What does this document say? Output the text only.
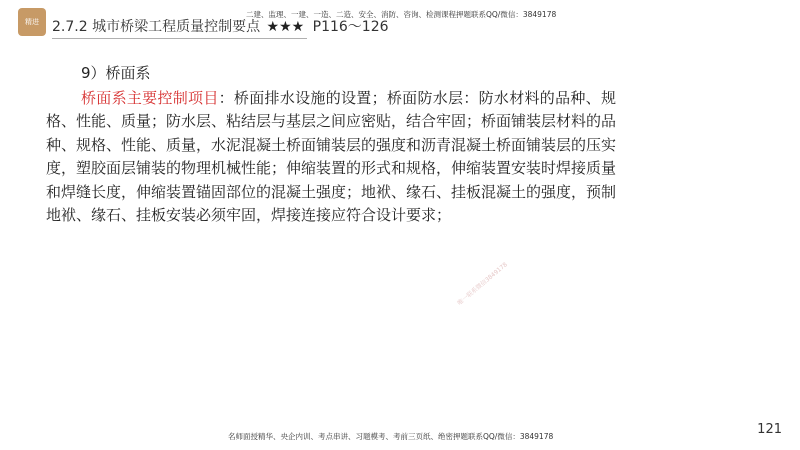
精进 2.7.2 城市桥梁工程质量控制要点 ★★★ P116～126
二建、监理、一建、一造、二造、安全、消防、咨询、检测课程押题联系QQ/微信：3849178
9）桥面系

桥面系主要控制项目：桥面排水设施的设置；桥面防水层：防水材料的品种、规格、性能、质量；防水层、粘结层与基层之间应密贴，结合牢固；桥面铺装层材料的品种、规格、性能、质量，水泥混凝土桥面铺装层的强度和沥青混凝土桥面铺装层的压实度，塑胶面层铺装的物理机械性能；伸缩装置的形式和规格，伸缩装置安装时焊接质量和焊缝长度，伸缩装置锚固部位的混凝土强度；地袱、缘石、挂板混凝土的强度，预制地袱、缘石、挂板安装必须牢固，焊接连接应符合设计要求；

唯一联系微信3849178
名师面授精华、央企内训、考点串讲、习题模考、考前三页纸、绝密押题联系QQ/微信：3849178	121
